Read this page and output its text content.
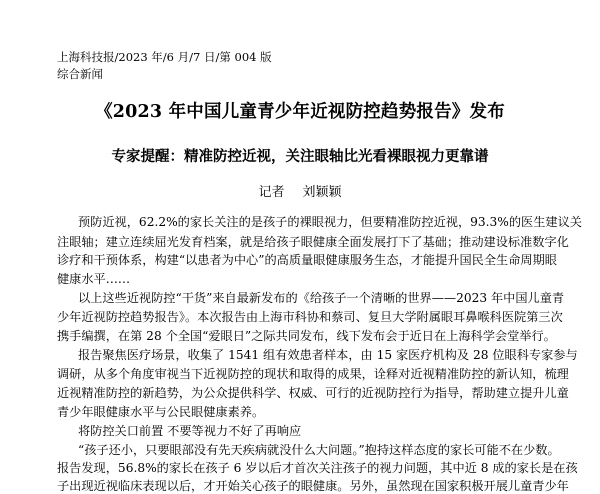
上海科技报/2023 年/6 月/7 日/第 004 版
综合新闻
《2023 年中国儿童青少年近视防控趋势报告》发布
专家提醒：精准防控近视，关注眼轴比光看裸眼视力更靠谱
记者 刘颖颖
预防近视，62.2%的家长关注的是孩子的裸眼视力，但要精准防控近视，93.3%的医生建议关
注眼轴；建立连续屈光发育档案，就是给孩子眼健康全面发展打下了基础；推动建设标准数字化
诊疗和干预体系，构建“以患者为中心”的高质量眼健康服务生态，才能提升国民全生命周期眼
健康水平……
以上这些近视防控“干货”来自最新发布的《给孩子一个清晰的世界——2023 年中国儿童青
少年近视防控趋势报告》。本次报告由上海市科协和蔡司、复旦大学附属眼耳鼻喉科医院第三次
携手编撰，在第 28 个全国“爱眼日”之际共同发布，线下发布会于近日在上海科学会堂举行。
报告聚焦医疗场景，收集了 1541 组有效患者样本，由 15 家医疗机构及 28 位眼科专家参与
调研，从多个角度审视当下近视防控的现状和取得的成果，诠释对近视精准防控的新认知，梳理
近视精准防控的新趋势，为公众提供科学、权威、可行的近视防控行为指导，帮助建立提升儿童
青少年眼健康水平与公民眼健康素养。
将防控关口前置 不要等视力不好了再响应
“孩子还小，只要眼部没有先天疾病就没什么大问题。”抱持这样态度的家长可能不在少数。
报告发现，56.8%的家长在孩子 6 岁以后才首次关注孩子的视力问题，其中近 8 成的家长是在孩
子出现近视临床表现以后，才开始关心孩子的眼健康。另外，虽然现在国家积极开展儿童青少年
